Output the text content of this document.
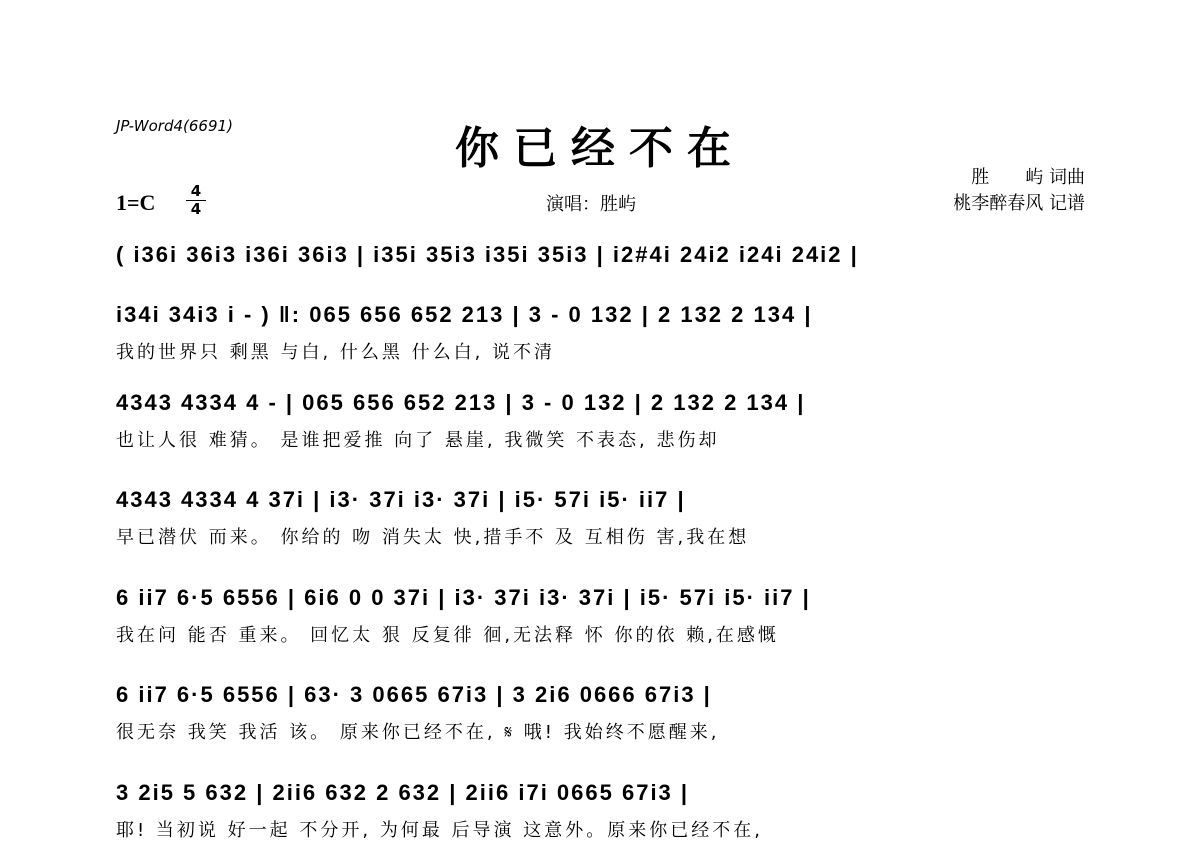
JP-Word4(6691)	你已经不在
1=C	4
4	演唱：胜屿
胜　　屿 词曲
桃李醉春风 记谱
( i36i 36i3 i36i 36i3 | i35i 35i3 i35i 35i3 | i2#4i 24i2 i24i 24i2 |
i34i 34i3 i - ) ‖: 065 656 652 213 | 3 - 0 132 | 2 132 2 134 |
我的世界只 剩黑 与白, 什么黑 什么白, 说不清
4343 4334 4 - | 065 656 652 213 | 3 - 0 132 | 2 132 2 134 |
也让人很 难猜。 是谁把爱推 向了 悬崖, 我微笑 不表态, 悲伤却
4343 4334 4 37i | i3· 37i i3· 37i | i5· 57i i5· ii7 |
早已潜伏 而来。 你给的 吻 消失太 快,措手不 及 互相伤 害,我在想
6 ii7 6·5 6556 | 6i6 0 0 37i | i3· 37i i3· 37i | i5· 57i i5· ii7 |
我在问 能否 重来。 回忆太 狠 反复徘 徊,无法释 怀 你的依 赖,在感慨
6 ii7 6·5 6556 | 63· 3 0665 67i3 | 3 2i6 0666 67i3 |
很无奈 我笑 我活 该。 原来你已经不在, 𝄋 哦! 我始终不愿醒来,
3 2i5 5 632 | 2ii6 632 2 632 | 2ii6 i7i 0665 67i3 |
耶! 当初说 好一起 不分开, 为何最 后导演 这意外。原来你已经不在,
